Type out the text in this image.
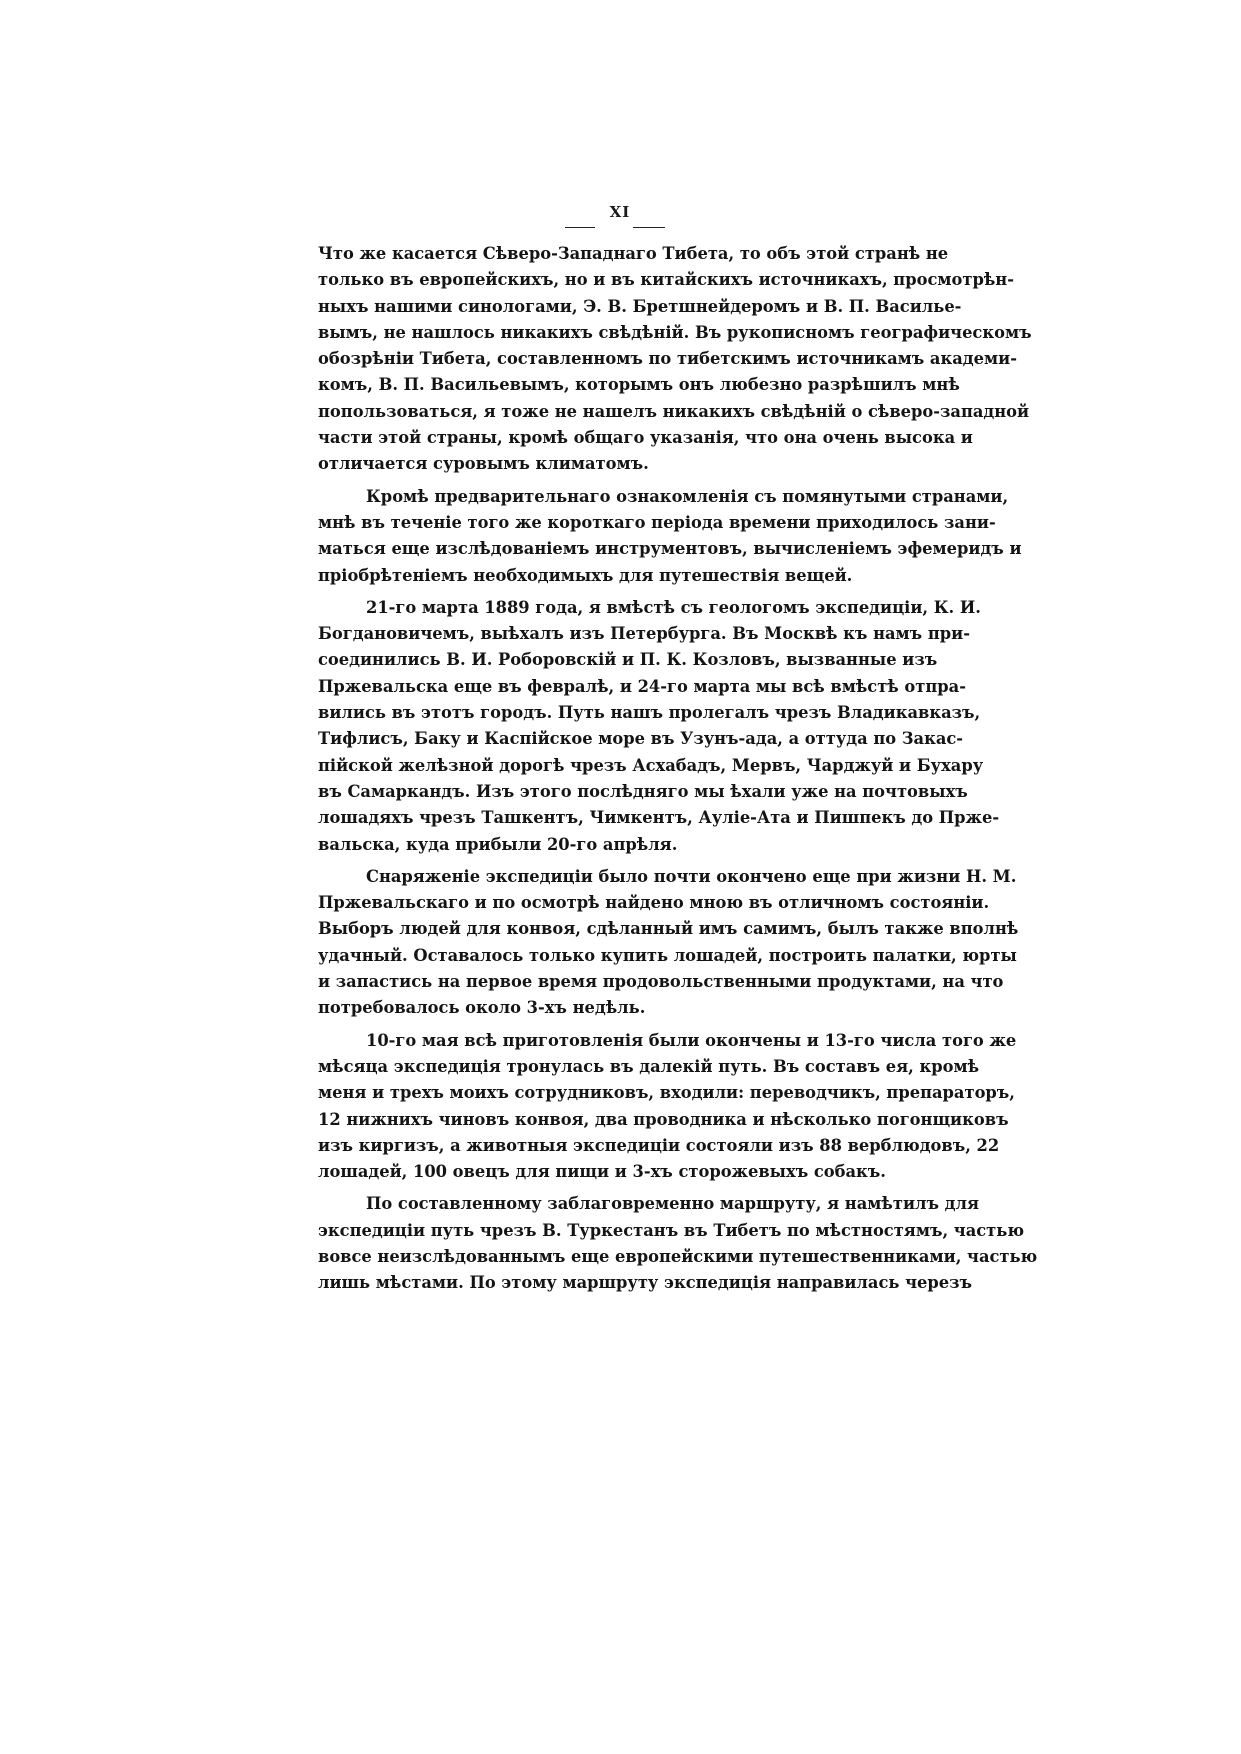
XI
Что же касается Сѣверо-Западнаго Тибета, то объ этой странѣ не
только въ европейскихъ, но и въ китайскихъ источникахъ, просмотрѣн-
ныхъ нашими синологами, Э. В. Бретшнейдеромъ и В. П. Василье-
вымъ, не нашлось никакихъ свѣдѣній. Въ рукописномъ географическомъ
обозрѣніи Тибета, составленномъ по тибетскимъ источникамъ академи-
комъ, В. П. Васильевымъ, которымъ онъ любезно разрѣшилъ мнѣ
попользоваться, я тоже не нашелъ никакихъ свѣдѣній о сѣверо-западной
части этой страны, кромѣ общаго указанія, что она очень высока и
отличается суровымъ климатомъ.
Кромѣ предварительнаго ознакомленія съ помянутыми странами,
мнѣ въ теченіе того же короткаго періода времени приходилось зани-
маться еще изслѣдованіемъ инструментовъ, вычисленіемъ эфемеридъ и
пріобрѣтеніемъ необходимыхъ для путешествія вещей.
21-го марта 1889 года, я вмѣстѣ съ геологомъ экспедиціи, К. И.
Богдановичемъ, выѣхалъ изъ Петербурга. Въ Москвѣ къ намъ при-
соединились В. И. Роборовскій и П. К. Козловъ, вызванные изъ
Пржевальска еще въ февралѣ, и 24-го марта мы всѣ вмѣстѣ отпра-
вились въ этотъ городъ. Путь нашъ пролегалъ чрезъ Владикавказъ,
Тифлисъ, Баку и Каспійское море въ Узунъ-ада, а оттуда по Закас-
пійской желѣзной дорогѣ чрезъ Асхабадъ, Мервъ, Чарджуй и Бухару
въ Самаркандъ. Изъ этого послѣдняго мы ѣхали уже на почтовыхъ
лошадяхъ чрезъ Ташкентъ, Чимкентъ, Ауліе-Ата и Пишпекъ до Прже-
вальска, куда прибыли 20-го апрѣля.
Снаряженіе экспедиціи было почти окончено еще при жизни Н. М.
Пржевальскаго и по осмотрѣ найдено мною въ отличномъ состояніи.
Выборъ людей для конвоя, сдѣланный имъ самимъ, былъ также вполнѣ
удачный. Оставалось только купить лошадей, построить палатки, юрты
и запастись на первое время продовольственными продуктами, на что
потребовалось около 3-хъ недѣль.
10-го мая всѣ приготовленія были окончены и 13-го числа того же
мѣсяца экспедиція тронулась въ далекій путь. Въ составъ ея, кромѣ
меня и трехъ моихъ сотрудниковъ, входили: переводчикъ, препараторъ,
12 нижнихъ чиновъ конвоя, два проводника и нѣсколько погонщиковъ
изъ киргизъ, а животныя экспедиціи состояли изъ 88 верблюдовъ, 22
лошадей, 100 овецъ для пищи и 3-хъ сторожевыхъ собакъ.
По составленному заблаговременно маршруту, я намѣтилъ для
экспедиціи путь чрезъ В. Туркестанъ въ Тибетъ по мѣстностямъ, частью
вовсе неизслѣдованнымъ еще европейскими путешественниками, частью
лишь мѣстами. По этому маршруту экспедиція направилась черезъ
